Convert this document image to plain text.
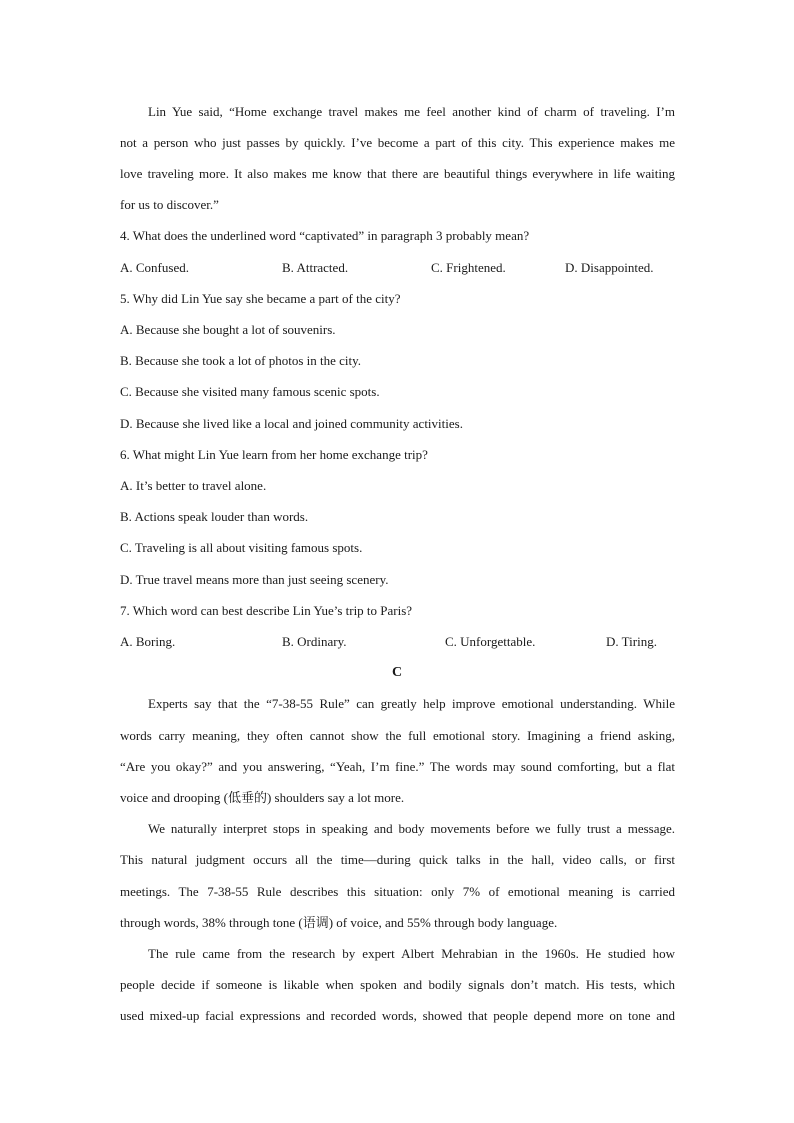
Lin Yue said, “Home exchange travel makes me feel another kind of charm of traveling. I’m
not a person who just passes by quickly. I’ve become a part of this city. This experience makes me
love traveling more. It also makes me know that there are beautiful things everywhere in life waiting
for us to discover.”
4. What does the underlined word “captivated” in paragraph 3 probably mean?
A. Confused.	B. Attracted.	C. Frightened.	D. Disappointed.
5. Why did Lin Yue say she became a part of the city?
A. Because she bought a lot of souvenirs.
B. Because she took a lot of photos in the city.
C. Because she visited many famous scenic spots.
D. Because she lived like a local and joined community activities.
6. What might Lin Yue learn from her home exchange trip?
A. It’s better to travel alone.
B. Actions speak louder than words.
C. Traveling is all about visiting famous spots.
D. True travel means more than just seeing scenery.
7. Which word can best describe Lin Yue’s trip to Paris?
A. Boring.	B. Ordinary.	C. Unforgettable.	D. Tiring.
C
Experts say that the “7-38-55 Rule” can greatly help improve emotional understanding. While
words carry meaning, they often cannot show the full emotional story. Imagining a friend asking,
“Are you okay?” and you answering, “Yeah, I’m fine.” The words may sound comforting, but a flat
voice and drooping (低垂的) shoulders say a lot more.
We naturally interpret stops in speaking and body movements before we fully trust a message.
This natural judgment occurs all the time—during quick talks in the hall, video calls, or first
meetings. The 7-38-55 Rule describes this situation: only 7% of emotional meaning is carried
through words, 38% through tone (语调) of voice, and 55% through body language.
The rule came from the research by expert Albert Mehrabian in the 1960s. He studied how
people decide if someone is likable when spoken and bodily signals don’t match. His tests, which
used mixed-up facial expressions and recorded words, showed that people depend more on tone and
